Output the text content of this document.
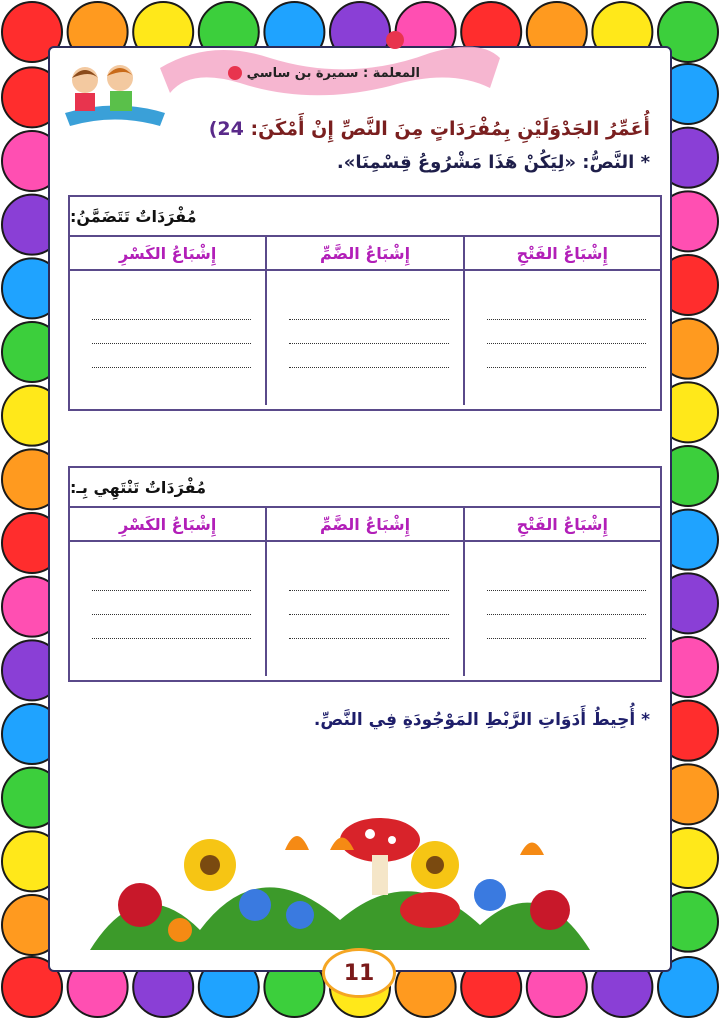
المعلمة : سميرة بن ساسي
أُعَمِّرُ الجَدْوَلَيْنِ بِمُفْرَدَاتٍ مِنَ النَّصِّ إِنْ أَمْكَنَ: 24)
* النَّصُّ: «لِيَكُنْ هَذَا مَشْرُوعُ قِسْمِنَا».
مُفْرَدَاتٌ تَتَضَمَّنُ:
إِشْبَاعُ الفَتْحِ
إِشْبَاعُ الضَّمِّ
إِشْبَاعُ الكَسْرِ
مُفْرَدَاتٌ تَنْتَهِي بِـ:
إِشْبَاعُ الفَتْحِ
إِشْبَاعُ الضَّمِّ
إِشْبَاعُ الكَسْرِ
* أُحِيطُ أَدَوَاتِ الرَّبْطِ المَوْجُودَةِ فِي النَّصِّ.
11
